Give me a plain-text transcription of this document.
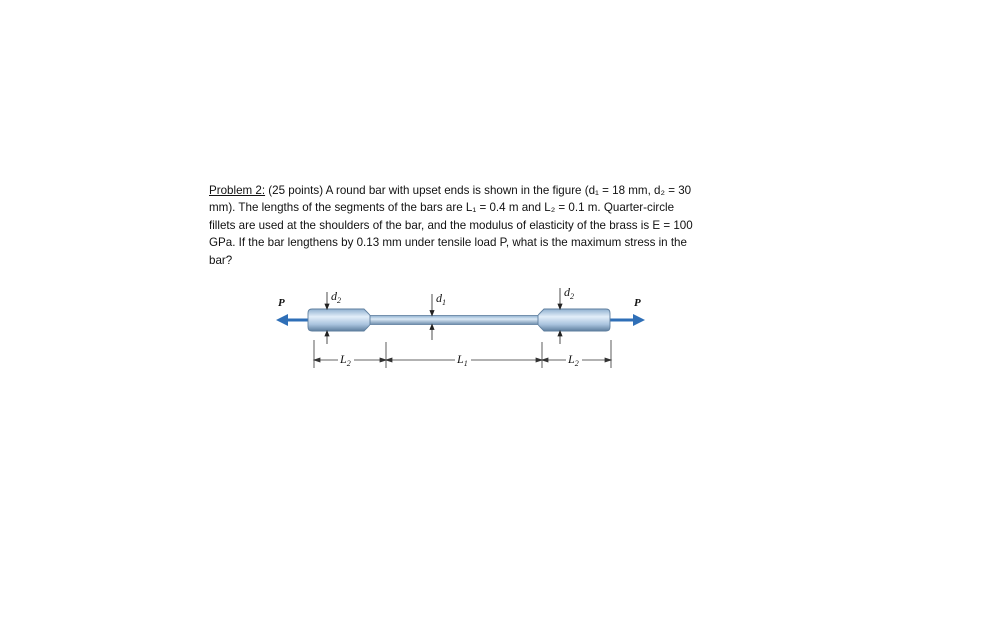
Problem 2: (25 points) A round bar with upset ends is shown in the figure (d₁ = 18 mm, d₂ = 30
mm). The lengths of the segments of the bars are L₁ = 0.4 m and L₂ = 0.1 m. Quarter-circle
fillets are used at the shoulders of the bar, and the modulus of elasticity of the brass is E = 100
GPa. If the bar lengthens by 0.13 mm under tensile load P, what is the maximum stress in the
bar?
P	P
$d_2$	$d_1$
$d_2$
$L_2$	$L_1$	$L_2$
